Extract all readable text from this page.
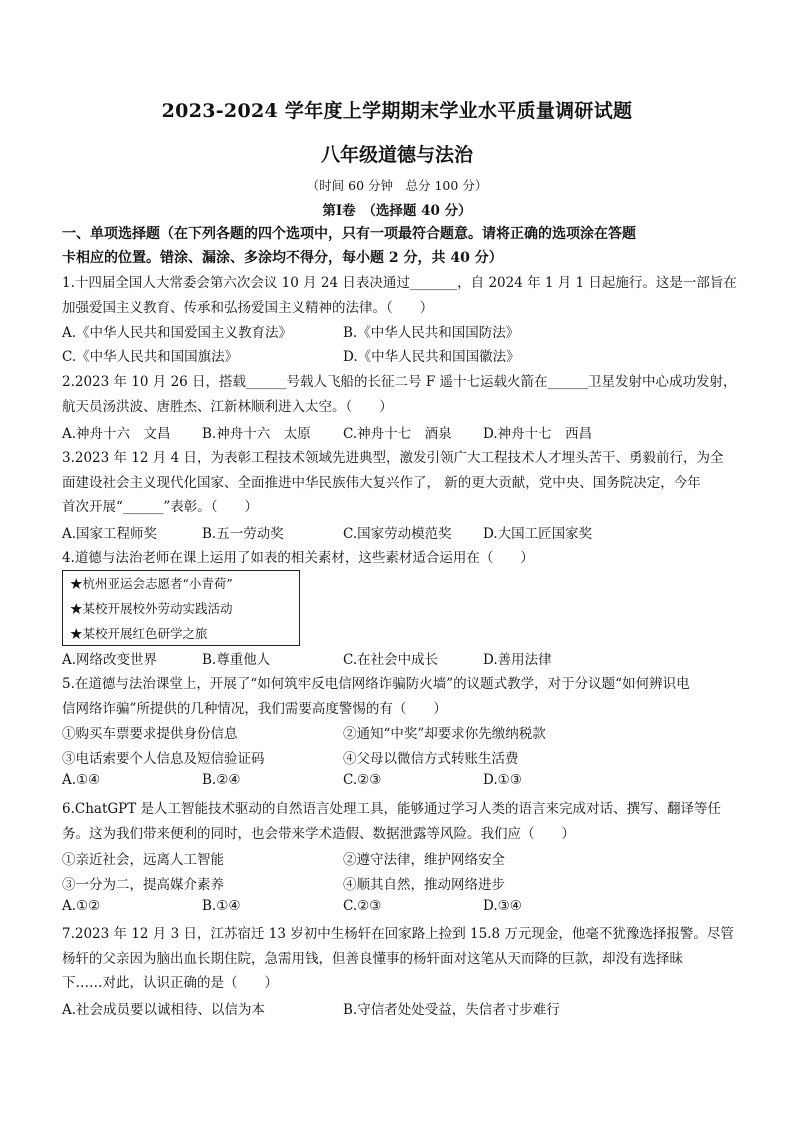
2023-2024 学年度上学期期末学业水平质量调研试题
八年级道德与法治
（时间 60 分钟　总分 100 分）
第Ⅰ卷　（选择题 40 分）
一、单项选择题（在下列各题的四个选项中，只有一项最符合题意。请将正确的选项涂在答题
卡相应的位置。错涂、漏涂、多涂均不得分，每小题 2 分，共 40 分）
1.十四届全国人大常委会第六次会议 10 月 24 日表决通过_______，自 2024 年 1 月 1 日起施行。这是一部旨在
加强爱国主义教育、传承和弘扬爱国主义精神的法律。（　　）
A.《中华人民共和国爱国主义教育法》	B.《中华人民共和国国防法》
C.《中华人民共和国国旗法》	D.《中华人民共和国国徽法》
2.2023 年 10 月 26 日，搭载______号载人飞船的长征二号 F 遥十七运载火箭在______卫星发射中心成功发射，
航天员汤洪波、唐胜杰、江新林顺利进入太空。（　　）
A.神舟十六　文昌 B.神舟十六　太原 C.神舟十七　酒泉 D.神舟十七　西昌
3.2023 年 12 月 4 日，为表彰工程技术领域先进典型，激发引领广大工程技术人才埋头苦干、勇毅前行，为全
面建设社会主义现代化国家、全面推进中华民族伟大复兴作了， 新的更大贡献，党中央、国务院决定，今年
首次开展“______”表彰。（　　）
A.国家工程师奖	B.五一劳动奖	C.国家劳动模范奖 D.大国工匠国家奖
4.道德与法治老师在课上运用了如表的相关素材，这些素材适合运用在（　　）
★杭州亚运会志愿者“小青荷”
★某校开展校外劳动实践活动
★某校开展红色研学之旅
A.网络改变世界	B.尊重他人	C.在社会中成长	D.善用法律
5.在道德与法治课堂上，开展了“如何筑牢反电信网络诈骗防火墙”的议题式教学，对于分议题“如何辨识电
信网络诈骗”所提供的几种情况，我们需要高度警惕的有（　　）
①购买车票要求提供身份信息	②通知“中奖”却要求你先缴纳税款
③电话索要个人信息及短信验证码	④父母以微信方式转账生活费
A.①④	B.②④	C.②③	D.①③
6.ChatGPT 是人工智能技术驱动的自然语言处理工具，能够通过学习人类的语言来完成对话、撰写、翻译等任
务。这为我们带来便利的同时，也会带来学术造假、数据泄露等风险。我们应（　　）
①亲近社会，远离人工智能	②遵守法律，维护网络安全
③一分为二，提高媒介素养	④顺其自然，推动网络进步
A.①②	B.①④	C.②③	D.③④
7.2023 年 12 月 3 日，江苏宿迁 13 岁初中生杨轩在回家路上捡到 15.8 万元现金，他毫不犹豫选择报警。尽管
杨轩的父亲因为脑出血长期住院，急需用钱，但善良懂事的杨轩面对这笔从天而降的巨款，却没有选择昧
下……对此，认识正确的是（　　）
A.社会成员要以诚相待、以信为本	B.守信者处处受益，失信者寸步难行
